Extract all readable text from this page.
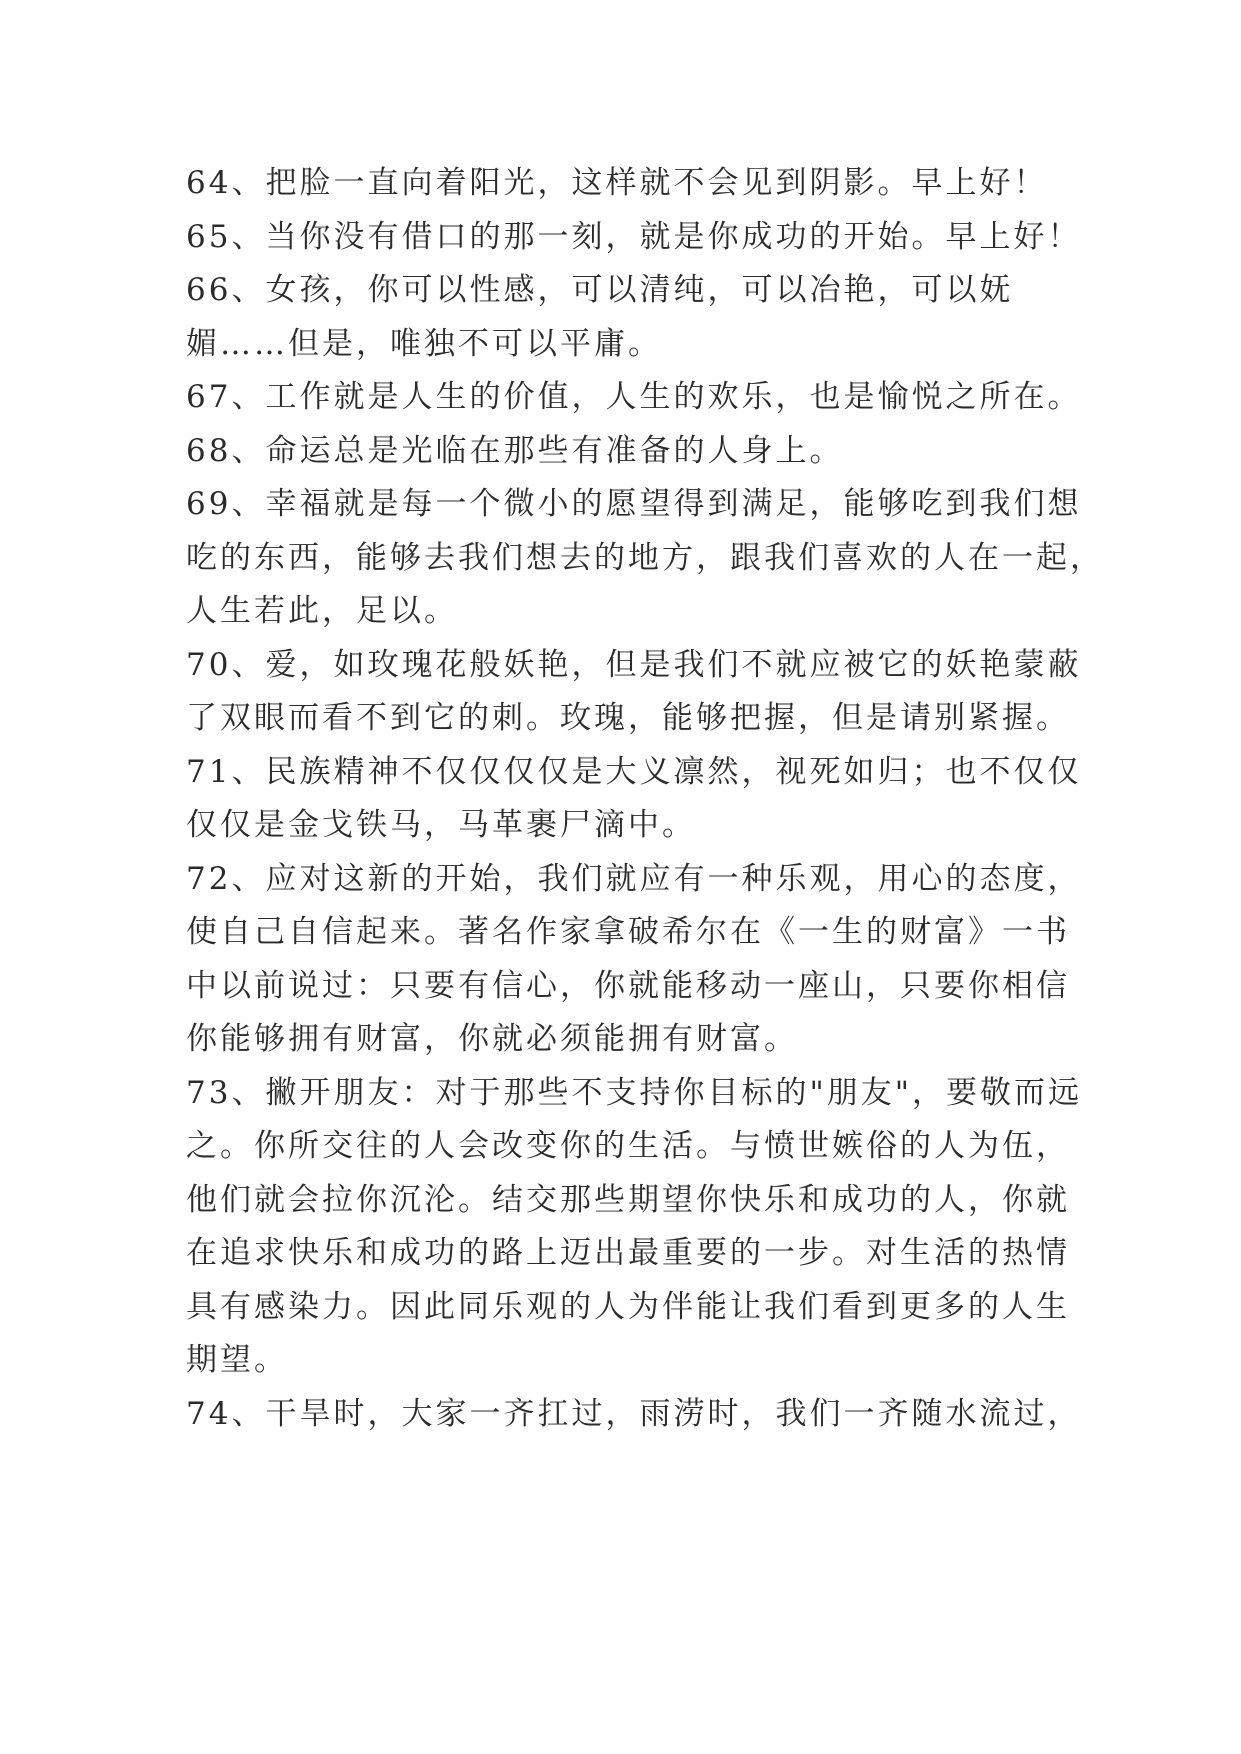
64、把脸一直向着阳光，这样就不会见到阴影。早上好！
65、当你没有借口的那一刻，就是你成功的开始。早上好！
66、女孩，你可以性感，可以清纯，可以冶艳，可以妩
媚……但是，唯独不可以平庸。
67、工作就是人生的价值，人生的欢乐，也是愉悦之所在。
68、命运总是光临在那些有准备的人身上。
69、幸福就是每一个微小的愿望得到满足，能够吃到我们想
吃的东西，能够去我们想去的地方，跟我们喜欢的人在一起，
人生若此，足以。
70、爱，如玫瑰花般妖艳，但是我们不就应被它的妖艳蒙蔽
了双眼而看不到它的刺。玫瑰，能够把握，但是请别紧握。
71、民族精神不仅仅仅仅是大义凛然，视死如归；也不仅仅
仅仅是金戈铁马，马革裹尸滴中。
72、应对这新的开始，我们就应有一种乐观，用心的态度，
使自己自信起来。著名作家拿破希尔在《一生的财富》一书
中以前说过：只要有信心，你就能移动一座山，只要你相信
你能够拥有财富，你就必须能拥有财富。
73、撇开朋友：对于那些不支持你目标的"朋友"，要敬而远
之。你所交往的人会改变你的生活。与愤世嫉俗的人为伍，
他们就会拉你沉沦。结交那些期望你快乐和成功的人，你就
在追求快乐和成功的路上迈出最重要的一步。对生活的热情
具有感染力。因此同乐观的人为伴能让我们看到更多的人生
期望。
74、干旱时，大家一齐扛过，雨涝时，我们一齐随水流过，
